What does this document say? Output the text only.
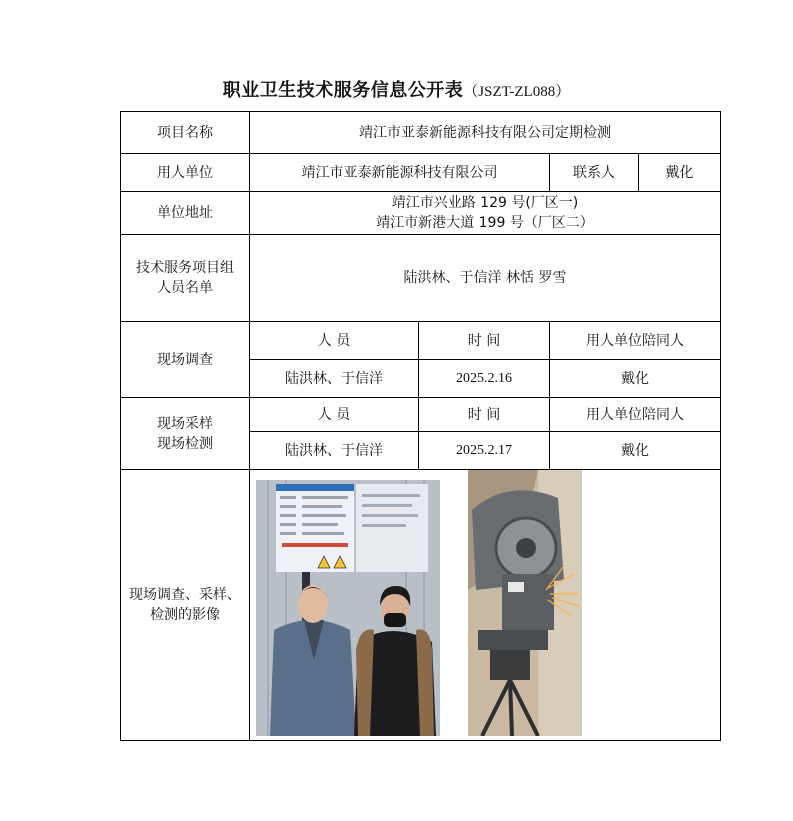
职业卫生技术服务信息公开表（JSZT-ZL088）
项目名称	靖江市亚泰新能源科技有限公司定期检测			
用人单位	靖江市亚泰新能源科技有限公司		联系人	戴化
单位地址	靖江市兴业路 129 号(厂区一)
靖江市新港大道 199 号（厂区二）			

技术服务项目组
人员名单	陆洪林、于信洋 林恬 罗雪			
现场调查	人 员	时 间	用人单位陪同人	
	陆洪林、于信洋	2025.2.16	戴化	

现场采样
现场检测	人 员	时 间	用人单位陪同人	
	陆洪林、于信洋	2025.2.17	戴化	

现场调查、采样、
检测的影像
